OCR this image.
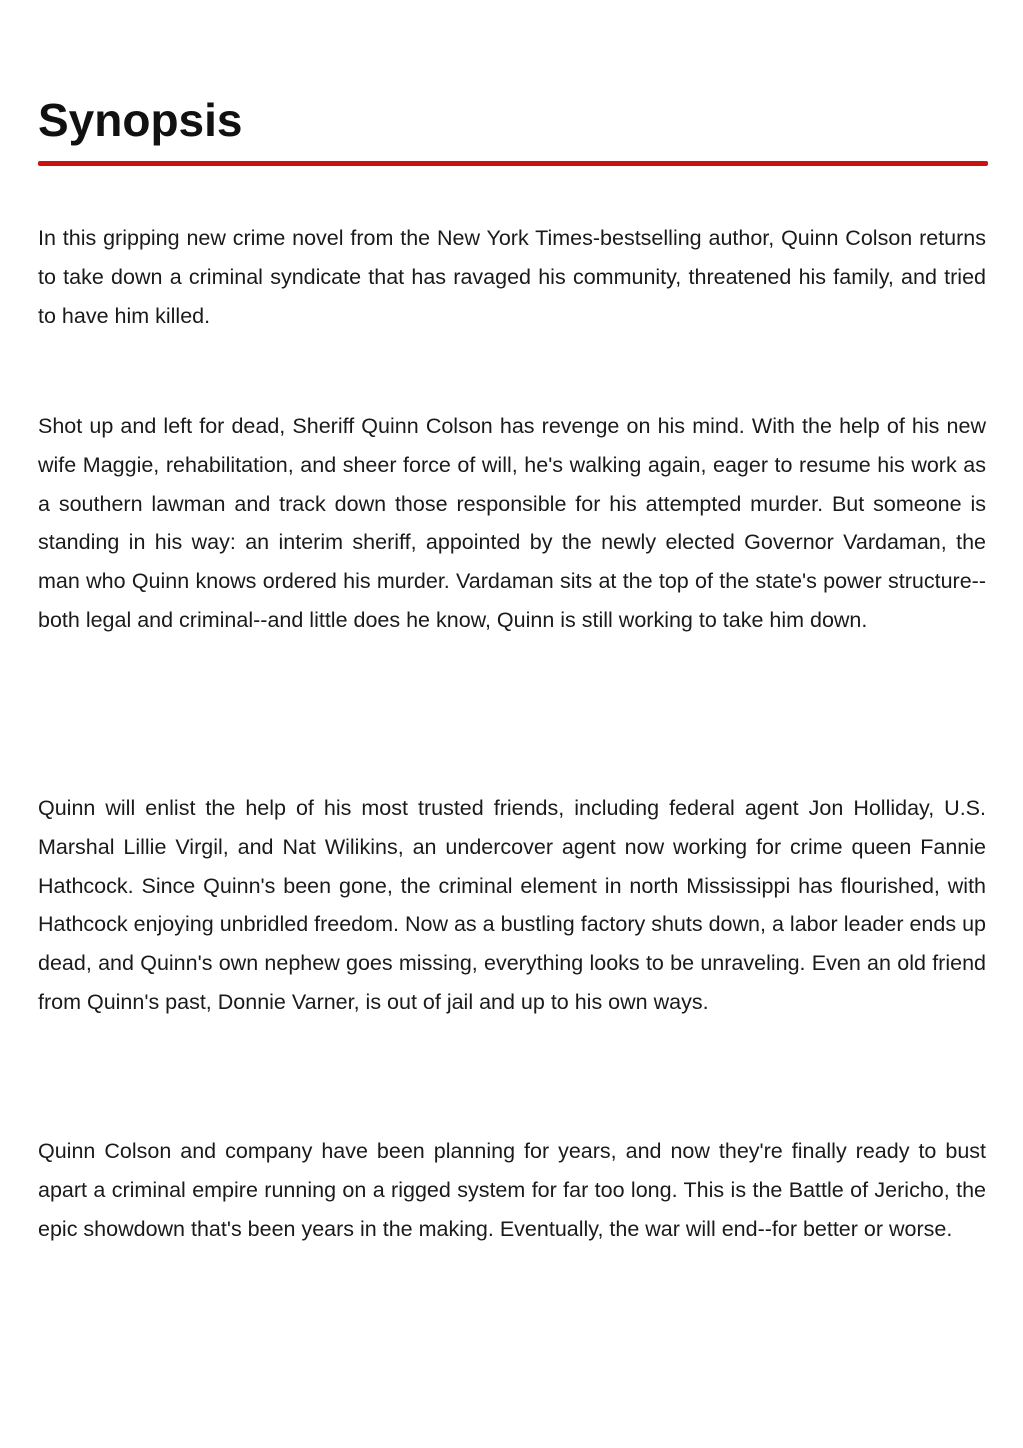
Synopsis

In this gripping new crime novel from the New York Times-bestselling author, Quinn Colson returns to take down a criminal syndicate that has ravaged his community, threatened his family, and tried to have him killed.

Shot up and left for dead, Sheriff Quinn Colson has revenge on his mind. With the help of his new wife Maggie, rehabilitation, and sheer force of will, he's walking again, eager to resume his work as a southern lawman and track down those responsible for his attempted murder. But someone is standing in his way: an interim sheriff, appointed by the newly elected Governor Vardaman, the man who Quinn knows ordered his murder. Vardaman sits at the top of the state's power structure--both legal and criminal--and little does he know, Quinn is still working to take him down.

Quinn will enlist the help of his most trusted friends, including federal agent Jon Holliday, U.S. Marshal Lillie Virgil, and Nat Wilikins, an undercover agent now working for crime queen Fannie Hathcock. Since Quinn's been gone, the criminal element in north Mississippi has flourished, with Hathcock enjoying unbridled freedom. Now as a bustling factory shuts down, a labor leader ends up dead, and Quinn's own nephew goes missing, everything looks to be unraveling. Even an old friend from Quinn's past, Donnie Varner, is out of jail and up to his own ways.

Quinn Colson and company have been planning for years, and now they're finally ready to bust apart a criminal empire running on a rigged system for far too long. This is the Battle of Jericho, the epic showdown that's been years in the making. Eventually, the war will end--for better or worse.
